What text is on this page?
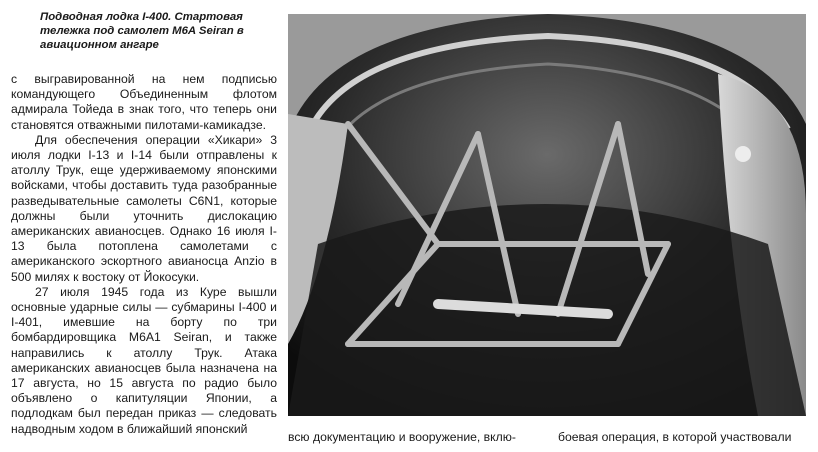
Подводная лодка I-400. Стартовая
тележка под самолет M6A Seiran в
авиационном ангаре

с выгравированной на нем подписью командующего Объединенным флотом адмирала Тойеда в знак того, что теперь они становятся отважными пилотами-камикадзе.

Для обеспечения операции «Хикари» 3 июля лодки I-13 и I-14 были отправлены к атоллу Трук, еще удерживаемому японскими войсками, чтобы доставить туда разобранные разведывательные самолеты C6N1, которые должны были уточнить дислокацию американских авианосцев. Однако 16 июля I-13 была потоплена самолетами с американского эскортного авианосца Anzio в 500 милях к востоку от Йокосуки.

27 июля 1945 года из Куре вышли основные ударные силы — субмарины I-400 и I-401, имевшие на борту по три бомбардировщика M6A1 Seiran, и также направились к атоллу Трук. Атака американских авианосцев была назначена на 17 августа, но 15 августа по радио было объявлено о капитуляции Японии, а подлодкам был передан приказ — следовать надводным ходом в ближайший японский

всю документацию и вооружение, вклю-	боевая операция, в которой участвовали
